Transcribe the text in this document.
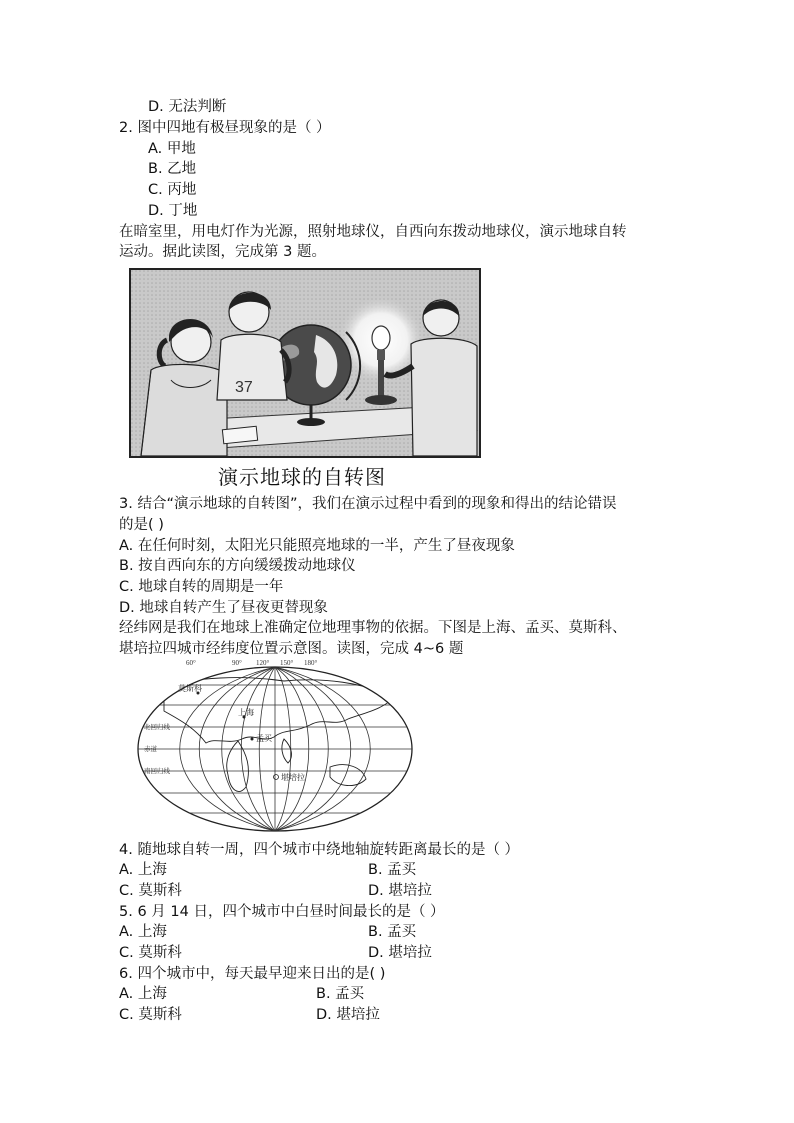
D. 无法判断
2. 图中四地有极昼现象的是（ ）
A. 甲地
B. 乙地
C. 丙地
D. 丁地
在暗室里，用电灯作为光源，照射地球仪，自西向东拨动地球仪，演示地球自转
运动。据此读图，完成第 3 题。
37
演示地球的自转图
3. 结合“演示地球的自转图”，我们在演示过程中看到的现象和得出的结论错误
的是( )
A. 在任何时刻，太阳光只能照亮地球的一半，产生了昼夜现象
B. 按自西向东的方向缓缓拨动地球仪
C. 地球自转的周期是一年
D. 地球自转产生了昼夜更替现象
经纬网是我们在地球上准确定位地理事物的依据。下图是上海、孟买、莫斯科、
堪培拉四城市经纬度位置示意图。读图，完成 4~6 题
60°	90° 120° 150° 180°
莫斯科
上海
孟买
堪培拉
北回归线
赤道
南回归线
4. 随地球自转一周，四个城市中绕地轴旋转距离最长的是（ ）
A. 上海	B. 孟买
C. 莫斯科	D. 堪培拉
5. 6 月 14 日，四个城市中白昼时间最长的是（ ）
A. 上海	B. 孟买
C. 莫斯科	D. 堪培拉
6. 四个城市中，每天最早迎来日出的是( )
A. 上海	B. 孟买
C. 莫斯科	D. 堪培拉
